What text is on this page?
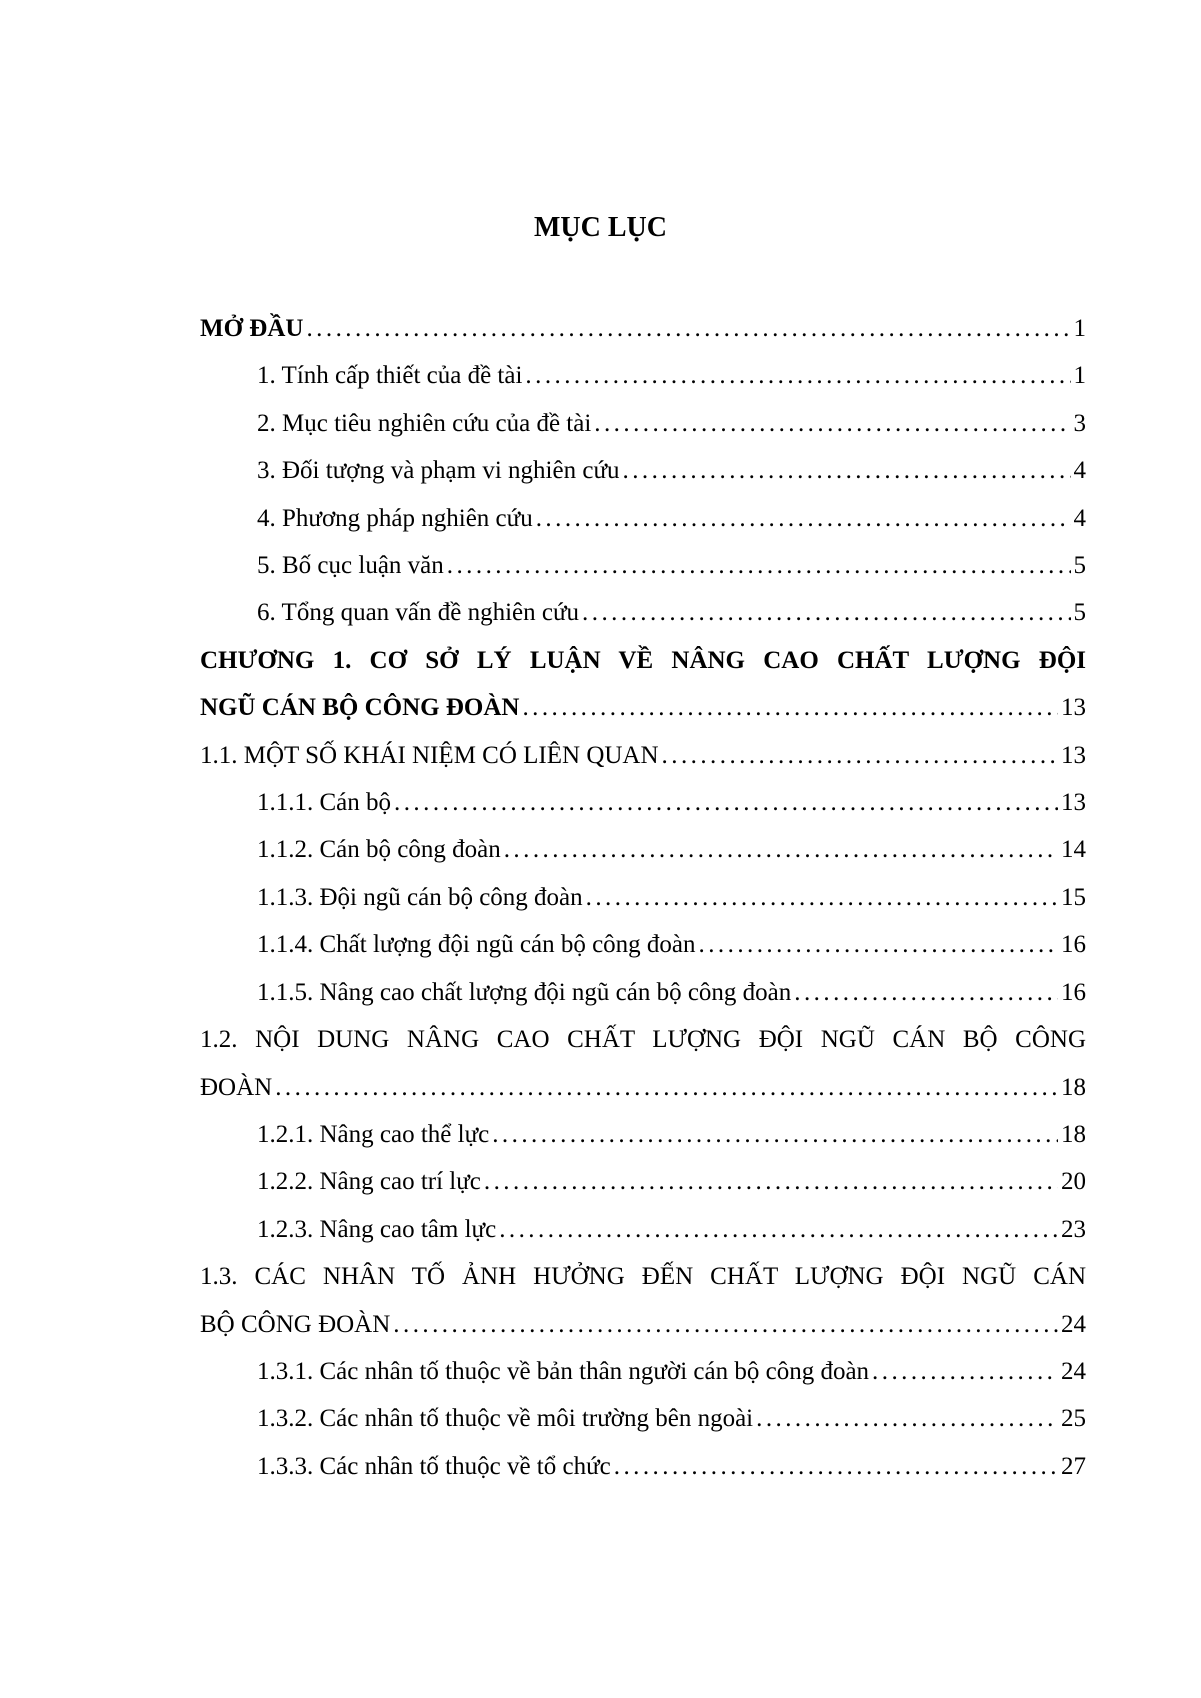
MỤC LỤC
MỞ ĐẦU . . .	1
1. Tính cấp thiết của đề tài . . .	1
2. Mục tiêu nghiên cứu của đề tài . . .	3
3. Đối tượng và phạm vi nghiên cứu . . .	4
4. Phương pháp nghiên cứu . . .	4
5. Bố cục luận văn . . .	5
6. Tổng quan vấn đề nghiên cứu . . .	5
CHƯƠNG 1. CƠ SỞ LÝ LUẬN VỀ NÂNG CAO CHẤT LƯỢNG ĐỘI
NGŨ CÁN BỘ CÔNG ĐOÀN . . .	13
1.1. MỘT SỐ KHÁI NIỆM CÓ LIÊN QUAN . . .	13
1.1.1. Cán bộ . . .	13
1.1.2. Cán bộ công đoàn . . .	14
1.1.3. Đội ngũ cán bộ công đoàn . . .	15
1.1.4. Chất lượng đội ngũ cán bộ công đoàn . . .	16
1.1.5. Nâng cao chất lượng đội ngũ cán bộ công đoàn . . .	16
1.2. NỘI DUNG NÂNG CAO CHẤT LƯỢNG ĐỘI NGŨ CÁN BỘ CÔNG
ĐOÀN . . .	18
1.2.1. Nâng cao thể lực . . .	18
1.2.2. Nâng cao trí lực . . .	20
1.2.3. Nâng cao tâm lực . . .	23
1.3. CÁC NHÂN TỐ ẢNH HƯỞNG ĐẾN CHẤT LƯỢNG ĐỘI NGŨ CÁN
BỘ CÔNG ĐOÀN . . .	24
1.3.1. Các nhân tố thuộc về bản thân người cán bộ công đoàn . . .	24
1.3.2. Các nhân tố thuộc về môi trường bên ngoài . . .	25
1.3.3. Các nhân tố thuộc về tổ chức . . .	27
